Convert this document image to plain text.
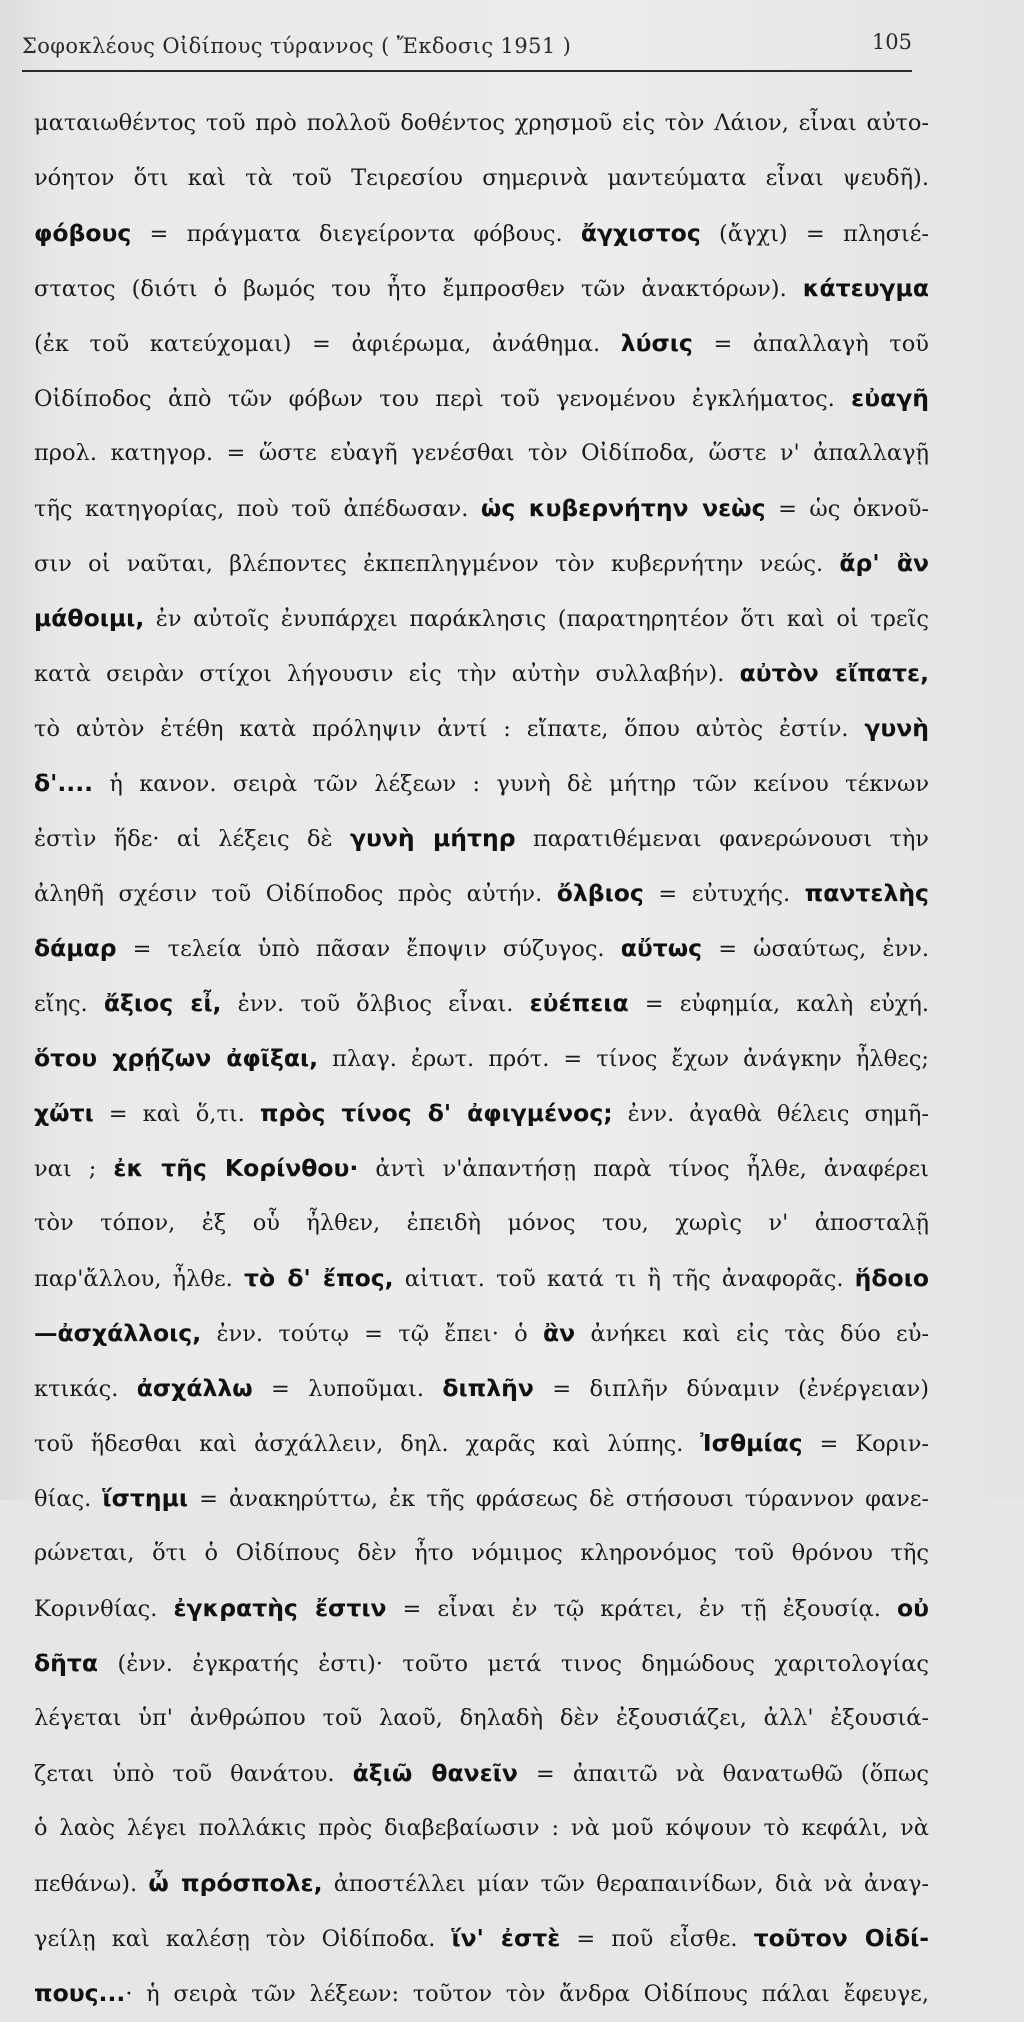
Σοφοκλέους Οἰδίπους τύραννος ( Ἔκδοσις 1951 )	105
ματαιωθέντος τοῦ πρὸ πολλοῦ δοθέντος χρησμοῦ εἰς τὸν Λάιον, εἶναι αὐτο-
νόητον ὅτι καὶ τὰ τοῦ Τειρεσίου σημερινὰ μαντεύματα εἶναι ψευδῆ).
φόβους = πράγματα διεγείροντα φόβους. ἄγχιστος (ἄγχι) = πλησιέ-
στατος (διότι ὁ βωμός του ἦτο ἔμπροσθεν τῶν ἀνακτόρων). κάτευγμα
(ἐκ τοῦ κατεύχομαι) = ἀφιέρωμα, ἀνάθημα. λύσις = ἀπαλλαγὴ τοῦ
Οἰδίποδος ἀπὸ τῶν φόβων του περὶ τοῦ γενομένου ἐγκλήματος. εὐαγῆ
προλ. κατηγορ. = ὥστε εὐαγῆ γενέσθαι τὸν Οἰδίποδα, ὥστε ν' ἀπαλλαγῇ
τῆς κατηγορίας, ποὺ τοῦ ἀπέδωσαν. ὡς κυβερνήτην νεὼς = ὡς ὀκνοῦ-
σιν οἱ ναῦται, βλέποντες ἐκπεπληγμένον τὸν κυβερνήτην νεώς. ἄρ' ἂν
μάθοιμι, ἐν αὐτοῖς ἐνυπάρχει παράκλησις (παρατηρητέον ὅτι καὶ οἱ τρεῖς
κατὰ σειρὰν στίχοι λήγουσιν εἰς τὴν αὐτὴν συλλαβήν). αὐτὸν εἴπατε,
τὸ αὐτὸν ἐτέθη κατὰ πρόληψιν ἀντί : εἴπατε, ὅπου αὐτὸς ἐστίν. γυνὴ
δ'.... ἡ κανον. σειρὰ τῶν λέξεων : γυνὴ δὲ μήτηρ τῶν κείνου τέκνων
ἐστὶν ἥδε· αἱ λέξεις δὲ γυνὴ μήτηρ παρατιθέμεναι φανερώνουσι τὴν
ἀληθῆ σχέσιν τοῦ Οἰδίποδος πρὸς αὐτήν. ὄλβιος = εὐτυχής. παντελὴς
δάμαρ = τελεία ὑπὸ πᾶσαν ἔποψιν σύζυγος. αὔτως = ὡσαύτως, ἐνν.
εἴης. ἄξιος εἶ, ἐνν. τοῦ ὄλβιος εἶναι. εὐέπεια = εὐφημία, καλὴ εὐχή.
ὅτου χρῄζων ἀφῖξαι, πλαγ. ἐρωτ. πρότ. = τίνος ἔχων ἀνάγκην ἦλθες;
χὤτι = καὶ ὅ,τι. πρὸς τίνος δ' ἀφιγμένος; ἐνν. ἀγαθὰ θέλεις σημῆ-
ναι ; ἐκ τῆς Κορίνθου· ἀντὶ ν'ἀπαντήσῃ παρὰ τίνος ἦλθε, ἀναφέρει
τὸν τόπον, ἐξ οὗ ἦλθεν, ἐπειδὴ μόνος του, χωρὶς ν' ἀποσταλῇ
παρ'ἄλλου, ἦλθε. τὸ δ' ἔπος, αἰτιατ. τοῦ κατά τι ἢ τῆς ἀναφορᾶς. ἥδοιο
—ἀσχάλλοις, ἐνν. τούτῳ = τῷ ἔπει· ὁ ἂν ἀνήκει καὶ εἰς τὰς δύο εὐ-
κτικάς. ἀσχάλλω = λυποῦμαι. διπλῆν = διπλῆν δύναμιν (ἐνέργειαν)
τοῦ ἥδεσθαι καὶ ἀσχάλλειν, δηλ. χαρᾶς καὶ λύπης. Ἰσθμίας = Κοριν-
θίας. ἵστημι = ἀνακηρύττω, ἐκ τῆς φράσεως δὲ στήσουσι τύραννον φανε-
ρώνεται, ὅτι ὁ Οἰδίπους δὲν ἦτο νόμιμος κληρονόμος τοῦ θρόνου τῆς
Κορινθίας. ἐγκρατὴς ἔστιν = εἶναι ἐν τῷ κράτει, ἐν τῇ ἐξουσίᾳ. οὐ
δῆτα (ἐνν. ἐγκρατής ἐστι)· τοῦτο μετά τινος δημώδους χαριτολογίας
λέγεται ὑπ' ἀνθρώπου τοῦ λαοῦ, δηλαδὴ δὲν ἐξουσιάζει, ἀλλ' ἐξουσιά-
ζεται ὑπὸ τοῦ θανάτου. ἀξιῶ θανεῖν = ἀπαιτῶ νὰ θανατωθῶ (ὅπως
ὁ λαὸς λέγει πολλάκις πρὸς διαβεβαίωσιν : νὰ μοῦ κόψουν τὸ κεφάλι, νὰ
πεθάνω). ὦ πρόσπολε, ἀποστέλλει μίαν τῶν θεραπαινίδων, διὰ νὰ ἀναγ-
γείλῃ καὶ καλέσῃ τὸν Οἰδίποδα. ἵν' ἐστὲ = ποῦ εἶσθε. τοῦτον Οἰδί-
πους...· ἡ σειρὰ τῶν λέξεων: τοῦτον τὸν ἄνδρα Οἰδίπους πάλαι ἔφευγε,
